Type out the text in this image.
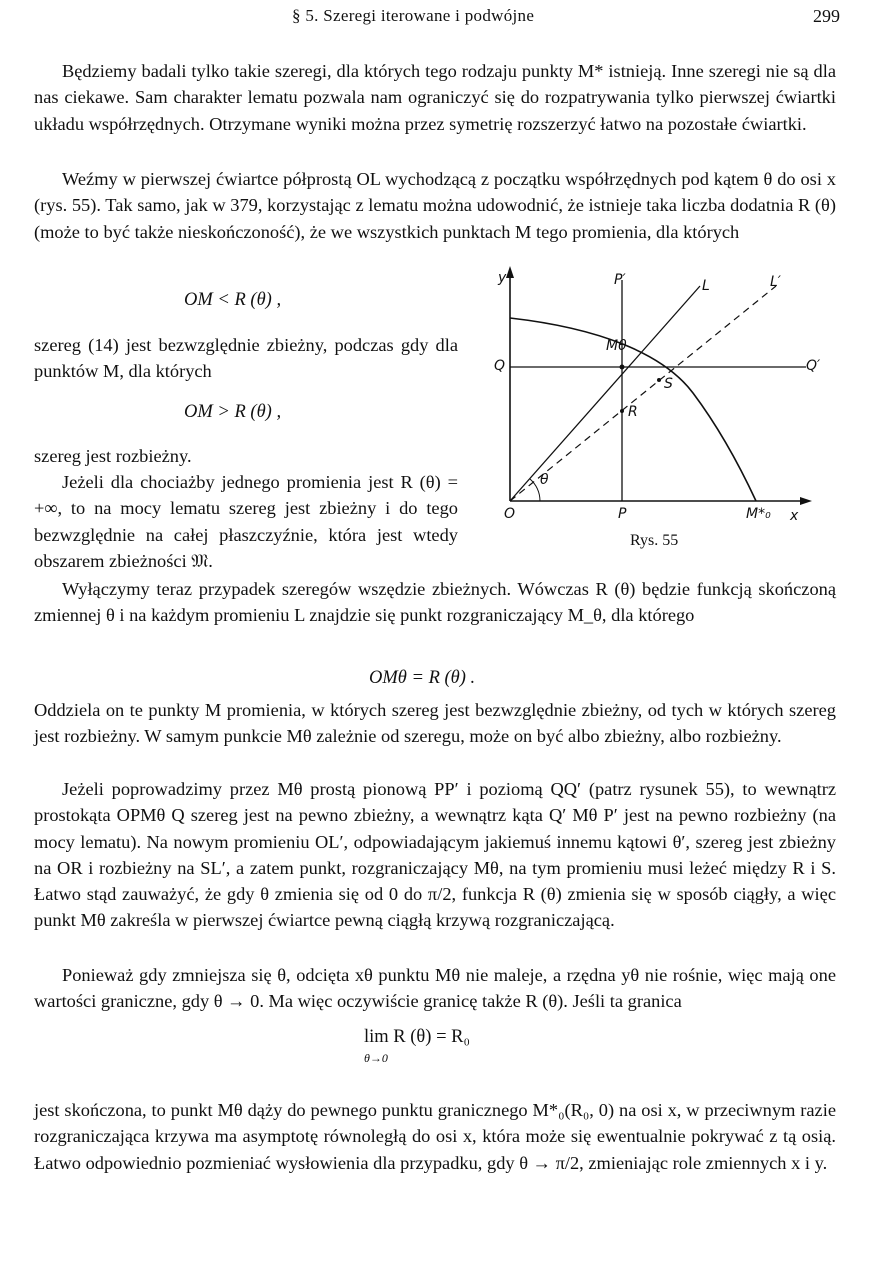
§ 5. Szeregi iterowane i podwójne	299

Będziemy badali tylko takie szeregi, dla których tego rodzaju punkty M* istnieją. Inne szeregi nie są dla nas ciekawe. Sam charakter lematu pozwala nam ograniczyć się do rozpatrywania tylko pierwszej ćwiartki układu współrzędnych. Otrzymane wyniki można przez symetrię rozszerzyć łatwo na pozostałe ćwiartki.

Weźmy w pierwszej ćwiartce półprostą OL wychodzącą z początku współrzędnych pod kątem θ do osi x (rys. 55). Tak samo, jak w 379, korzystając z lematu można udowodnić, że istnieje taka liczba dodatnia R (θ) (może to być także nieskończoność), że we wszystkich punktach M tego promienia, dla których

OM < R (θ) ,

szereg (14) jest bezwzględnie zbieżny, podczas gdy dla punktów M, dla których

OM > R (θ) ,

szereg jest rozbieżny.

Jeżeli dla chociażby jednego promienia jest R (θ) = +∞, to na mocy lematu szereg jest zbieżny i do tego bezwzględnie na całej płaszczyźnie, która jest wtedy obszarem zbieżności 𝔐.

Wyłączymy teraz przypadek szeregów wszędzie zbieżnych. Wówczas R (θ) będzie funkcją skończoną zmiennej θ i na każdym promieniu L znajdzie się punkt rozgraniczający M_θ, dla którego

OMθ = R (θ) .

Oddziela on te punkty M promienia, w których szereg jest bezwzględnie zbieżny, od tych w których szereg jest rozbieżny. W samym punkcie Mθ zależnie od szeregu, może on być albo zbieżny, albo rozbieżny.

Jeżeli poprowadzimy przez Mθ prostą pionową PP′ i poziomą QQ′ (patrz rysunek 55), to wewnątrz prostokąta OPMθ Q szereg jest na pewno zbieżny, a wewnątrz kąta Q′ Mθ P′ jest na pewno rozbieżny (na mocy lematu). Na nowym promieniu OL′, odpowiadającym jakiemuś innemu kątowi θ′, szereg jest zbieżny na OR i rozbieżny na SL′, a zatem punkt, rozgraniczający Mθ, na tym promieniu musi leżeć między R i S. Łatwo stąd zauważyć, że gdy θ zmienia się od 0 do π/2, funkcja R (θ) zmienia się w sposób ciągły, a więc punkt Mθ zakreśla w pierwszej ćwiartce pewną ciągłą krzywą rozgraniczającą.

Ponieważ gdy zmniejsza się θ, odcięta xθ punktu Mθ nie maleje, a rzędna yθ nie rośnie, więc mają one wartości graniczne, gdy θ → 0. Ma więc oczywiście granicę także R (θ). Jeśli ta granica

lim R (θ) = R₀
θ→0

jest skończona, to punkt Mθ dąży do pewnego punktu granicznego M*₀(R₀, 0) na osi x, w przeciwnym razie rozgraniczająca krzywa ma asymptotę równoległą do osi x, która może się ewentualnie pokrywać z tą osią. Łatwo odpowiednio pozmieniać wysłowienia dla przypadku, gdy θ → π/2, zmieniając role zmiennych x i y.

y
x
O	P
P′
Q	Q′
L	L′
Mθ
M*₀
R
S
θ
Rys. 55
